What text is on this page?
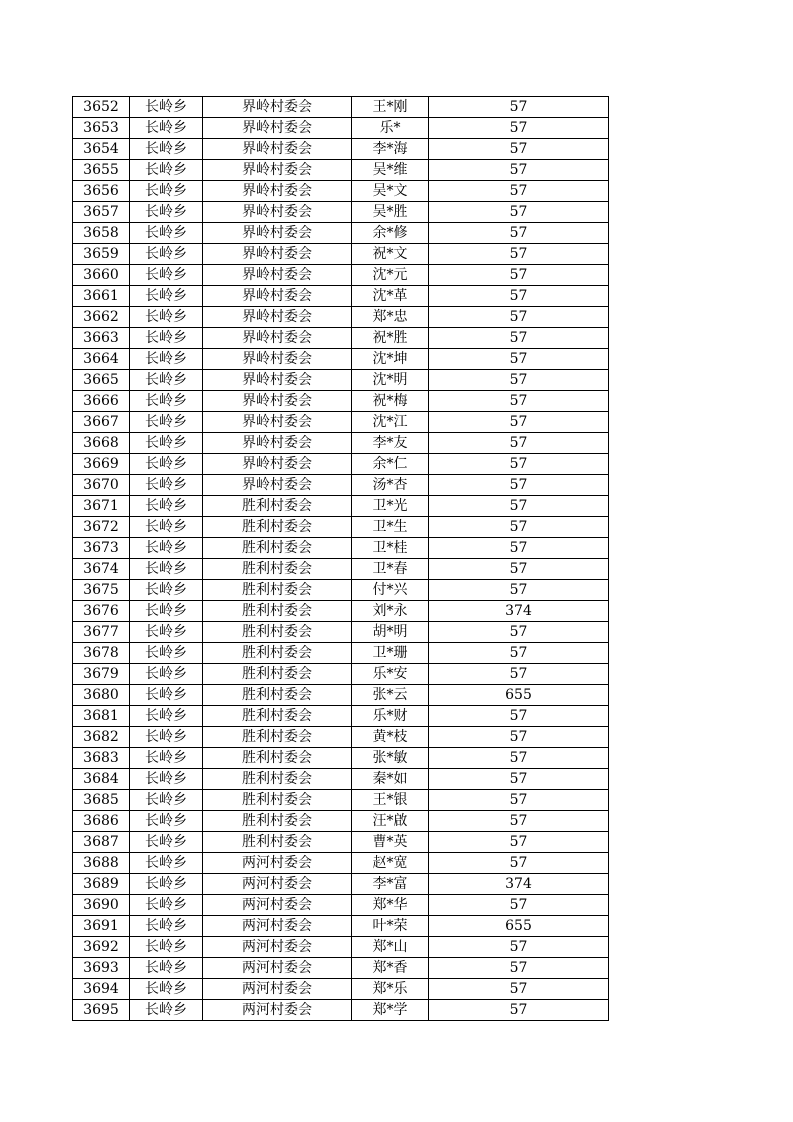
3652	长岭乡	界岭村委会	王*刚	57
3653	长岭乡	界岭村委会	乐*	57
3654	长岭乡	界岭村委会	李*海	57
3655	长岭乡	界岭村委会	吴*维	57
3656	长岭乡	界岭村委会	吴*文	57
3657	长岭乡	界岭村委会	吴*胜	57
3658	长岭乡	界岭村委会	余*修	57
3659	长岭乡	界岭村委会	祝*文	57
3660	长岭乡	界岭村委会	沈*元	57
3661	长岭乡	界岭村委会	沈*革	57
3662	长岭乡	界岭村委会	郑*忠	57
3663	长岭乡	界岭村委会	祝*胜	57
3664	长岭乡	界岭村委会	沈*坤	57
3665	长岭乡	界岭村委会	沈*明	57
3666	长岭乡	界岭村委会	祝*梅	57
3667	长岭乡	界岭村委会	沈*江	57
3668	长岭乡	界岭村委会	李*友	57
3669	长岭乡	界岭村委会	余*仁	57
3670	长岭乡	界岭村委会	汤*杏	57
3671	长岭乡	胜利村委会	卫*光	57
3672	长岭乡	胜利村委会	卫*生	57
3673	长岭乡	胜利村委会	卫*桂	57
3674	长岭乡	胜利村委会	卫*春	57
3675	长岭乡	胜利村委会	付*兴	57
3676	长岭乡	胜利村委会	刘*永	374
3677	长岭乡	胜利村委会	胡*明	57
3678	长岭乡	胜利村委会	卫*珊	57
3679	长岭乡	胜利村委会	乐*安	57
3680	长岭乡	胜利村委会	张*云	655
3681	长岭乡	胜利村委会	乐*财	57
3682	长岭乡	胜利村委会	黄*枝	57
3683	长岭乡	胜利村委会	张*敏	57
3684	长岭乡	胜利村委会	秦*如	57
3685	长岭乡	胜利村委会	王*银	57
3686	长岭乡	胜利村委会	汪*啟	57
3687	长岭乡	胜利村委会	曹*英	57
3688	长岭乡	两河村委会	赵*宽	57
3689	长岭乡	两河村委会	李*富	374
3690	长岭乡	两河村委会	郑*华	57
3691	长岭乡	两河村委会	叶*荣	655
3692	长岭乡	两河村委会	郑*山	57
3693	长岭乡	两河村委会	郑*香	57
3694	长岭乡	两河村委会	郑*乐	57
3695	长岭乡	两河村委会	郑*学	57
